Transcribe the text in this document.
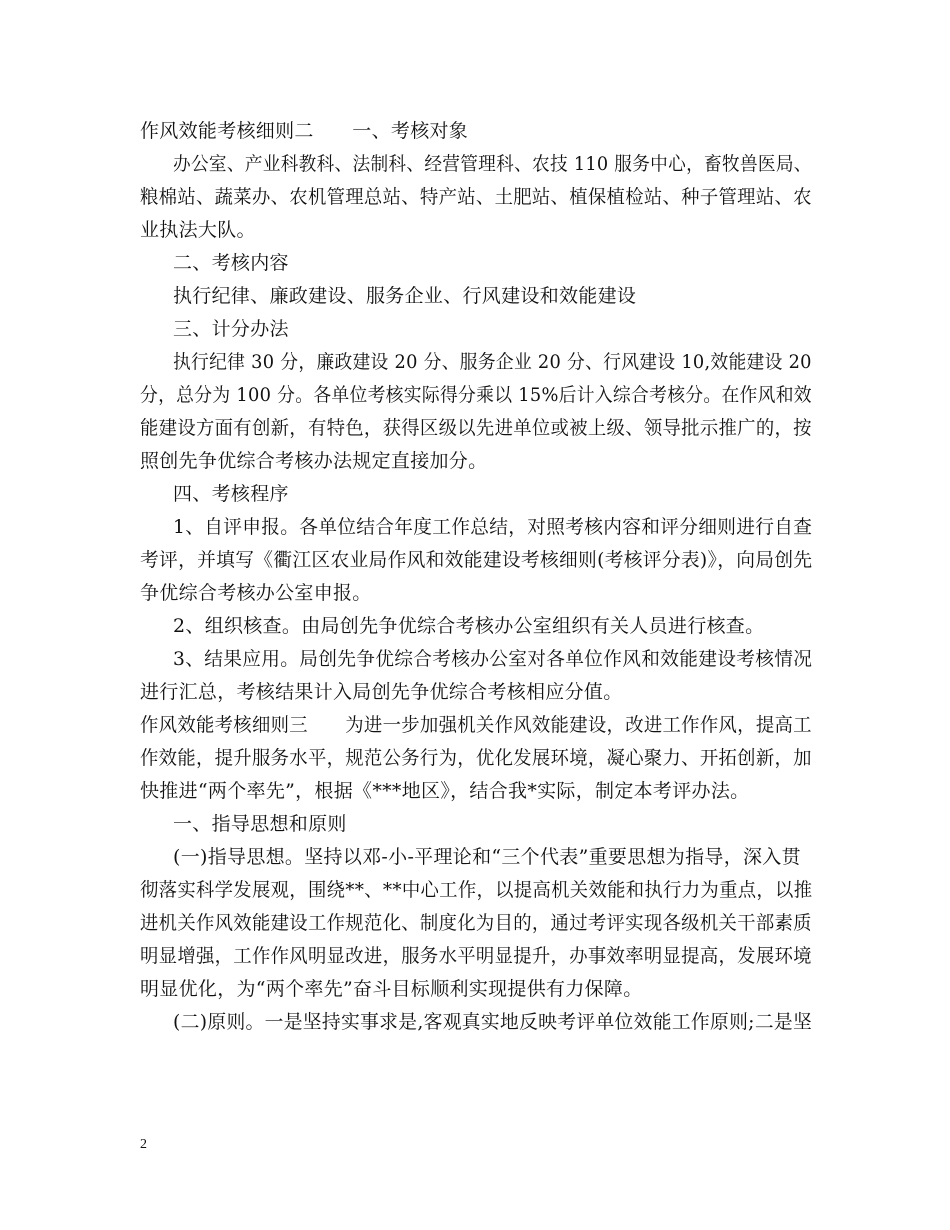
作风效能考核细则二　　一、考核对象
办公室、产业科教科、法制科、经营管理科、农技 110 服务中心，畜牧兽医局、
粮棉站、蔬菜办、农机管理总站、特产站、土肥站、植保植检站、种子管理站、农
业执法大队。
二、考核内容
执行纪律、廉政建设、服务企业、行风建设和效能建设
三、计分办法
执行纪律 30 分，廉政建设 20 分、服务企业 20 分、行风建设 10,效能建设 20
分，总分为 100 分。各单位考核实际得分乘以 15%后计入综合考核分。在作风和效
能建设方面有创新，有特色，获得区级以先进单位或被上级、领导批示推广的，按
照创先争优综合考核办法规定直接加分。
四、考核程序
1、自评申报。各单位结合年度工作总结，对照考核内容和评分细则进行自查
考评，并填写《衢江区农业局作风和效能建设考核细则(考核评分表)》，向局创先
争优综合考核办公室申报。
2、组织核查。由局创先争优综合考核办公室组织有关人员进行核查。
3、结果应用。局创先争优综合考核办公室对各单位作风和效能建设考核情况
进行汇总，考核结果计入局创先争优综合考核相应分值。
作风效能考核细则三　　为进一步加强机关作风效能建设，改进工作作风，提高工
作效能，提升服务水平，规范公务行为，优化发展环境，凝心聚力、开拓创新，加
快推进“两个率先”，根据《***地区》，结合我*实际，制定本考评办法。
一、指导思想和原则
(一)指导思想。坚持以邓-小-平理论和“三个代表”重要思想为指导，深入贯
彻落实科学发展观，围绕**、**中心工作，以提高机关效能和执行力为重点，以推
进机关作风效能建设工作规范化、制度化为目的，通过考评实现各级机关干部素质
明显增强，工作作风明显改进，服务水平明显提升，办事效率明显提高，发展环境
明显优化，为“两个率先”奋斗目标顺利实现提供有力保障。
(二)原则。一是坚持实事求是,客观真实地反映考评单位效能工作原则;二是坚
2
